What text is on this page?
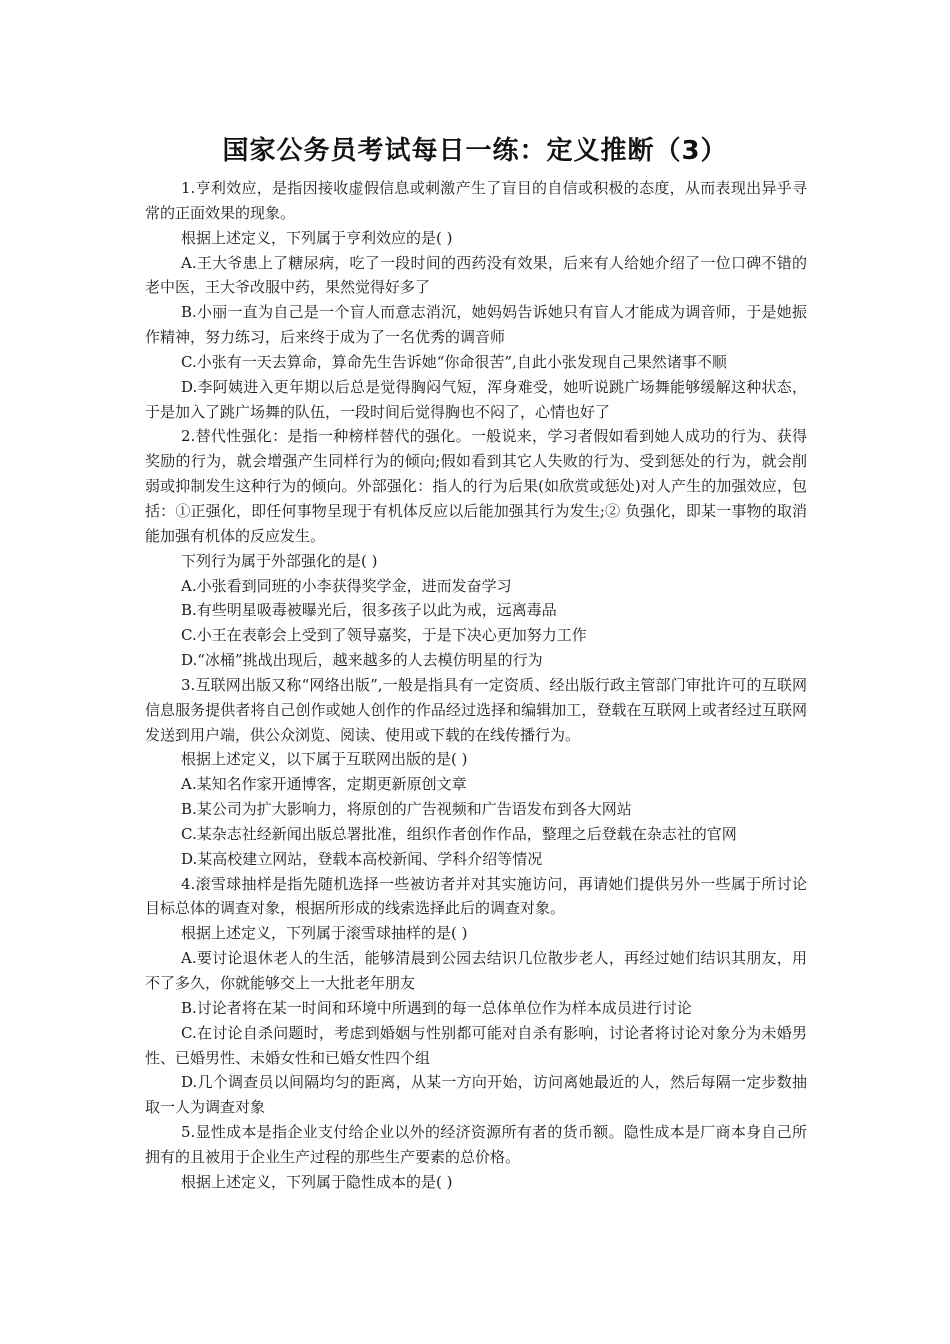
国家公务员考试每日一练：定义推断（3）

1.亨利效应，是指因接收虚假信息或刺激产生了盲目的自信或积极的态度，从而表现出异乎寻常的正面效果的现象。

根据上述定义，下列属于亨利效应的是( )

A.王大爷患上了糖尿病，吃了一段时间的西药没有效果，后来有人给她介绍了一位口碑不错的老中医，王大爷改服中药，果然觉得好多了

B.小丽一直为自己是一个盲人而意志消沉，她妈妈告诉她只有盲人才能成为调音师，于是她振作精神，努力练习，后来终于成为了一名优秀的调音师

C.小张有一天去算命，算命先生告诉她“你命很苦”,自此小张发现自己果然诸事不顺

D.李阿姨进入更年期以后总是觉得胸闷气短，浑身难受，她听说跳广场舞能够缓解这种状态，于是加入了跳广场舞的队伍，一段时间后觉得胸也不闷了，心情也好了

2.替代性强化：是指一种榜样替代的强化。一般说来，学习者假如看到她人成功的行为、获得奖励的行为，就会增强产生同样行为的倾向;假如看到其它人失败的行为、受到惩处的行为，就会削弱或抑制发生这种行为的倾向。外部强化：指人的行为后果(如欣赏或惩处)对人产生的加强效应，包括：①正强化，即任何事物呈现于有机体反应以后能加强其行为发生;② 负强化，即某一事物的取消能加强有机体的反应发生。

下列行为属于外部强化的是( )

A.小张看到同班的小李获得奖学金，进而发奋学习

B.有些明星吸毒被曝光后，很多孩子以此为戒，远离毒品

C.小王在表彰会上受到了领导嘉奖，于是下决心更加努力工作

D.“冰桶”挑战出现后，越来越多的人去模仿明星的行为

3.互联网出版又称“网络出版”,一般是指具有一定资质、经出版行政主管部门审批许可的互联网信息服务提供者将自己创作或她人创作的作品经过选择和编辑加工，登载在互联网上或者经过互联网发送到用户端，供公众浏览、阅读、使用或下载的在线传播行为。

根据上述定义，以下属于互联网出版的是( )

A.某知名作家开通博客，定期更新原创文章

B.某公司为扩大影响力，将原创的广告视频和广告语发布到各大网站

C.某杂志社经新闻出版总署批准，组织作者创作作品，整理之后登载在杂志社的官网

D.某高校建立网站，登载本高校新闻、学科介绍等情况

4.滚雪球抽样是指先随机选择一些被访者并对其实施访问，再请她们提供另外一些属于所讨论目标总体的调查对象，根据所形成的线索选择此后的调查对象。

根据上述定义，下列属于滚雪球抽样的是( )

A.要讨论退休老人的生活，能够清晨到公园去结识几位散步老人，再经过她们结识其朋友，用不了多久，你就能够交上一大批老年朋友

B.讨论者将在某一时间和环境中所遇到的每一总体单位作为样本成员进行讨论

C.在讨论自杀问题时，考虑到婚姻与性别都可能对自杀有影响，讨论者将讨论对象分为未婚男性、已婚男性、未婚女性和已婚女性四个组

D.几个调查员以间隔均匀的距离，从某一方向开始，访问离她最近的人，然后每隔一定步数抽取一人为调查对象

5.显性成本是指企业支付给企业以外的经济资源所有者的货币额。隐性成本是厂商本身自己所拥有的且被用于企业生产过程的那些生产要素的总价格。

根据上述定义，下列属于隐性成本的是( )
